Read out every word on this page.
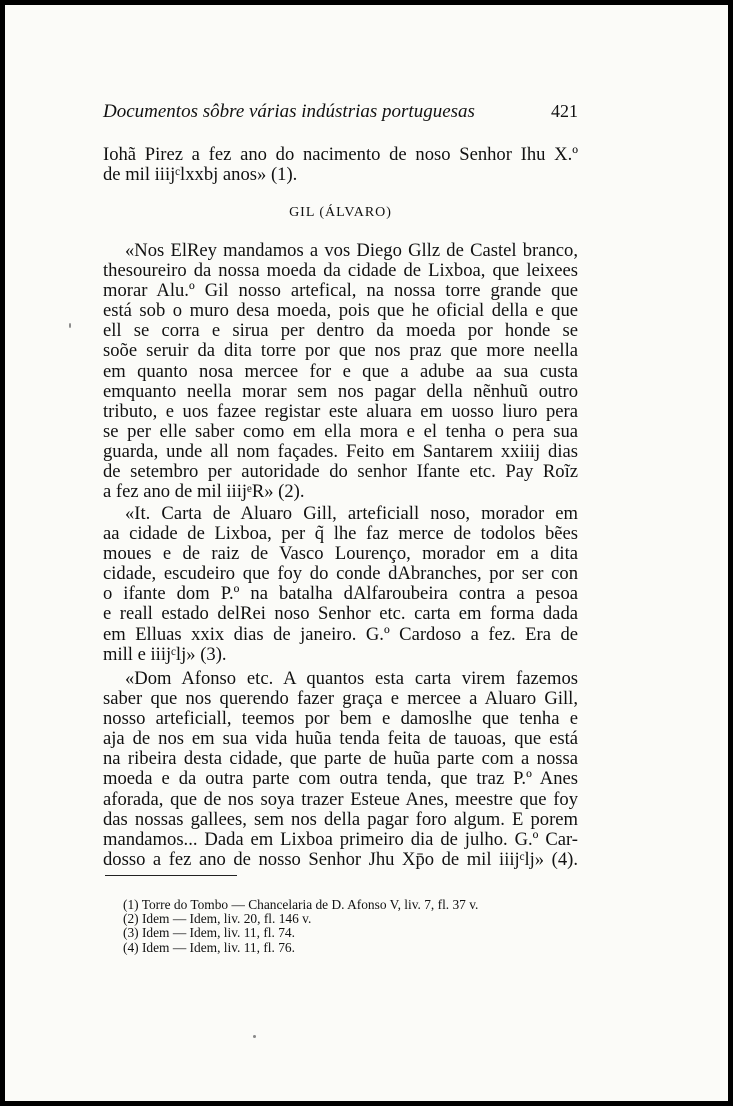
Documentos sôbre várias indústrias portuguesas	421
Iohã Pirez a fez ano do nacimento de noso Senhor Ihu X.º
de mil iiijᶜlxxbj anos» (1).
GIL (ÁLVARO)
«Nos ElRey mandamos a vos Diego Gllz de Castel branco,
thesoureiro da nossa moeda da cidade de Lixboa, que leixees
morar Alu.º Gil nosso artefical, na nossa torre grande que
está sob o muro desa moeda, pois que he oficial della e que
ell se corra e sirua per dentro da moeda por honde se
soõe seruir da dita torre por que nos praz que more neella
em quanto nosa mercee for e que a adube aa sua custa
emquanto neella morar sem nos pagar della nẽnhuũ outro
tributo, e uos fazee registar este aluara em uosso liuro pera
se per elle saber como em ella mora e el tenha o pera sua
guarda, unde all nom façades. Feito em Santarem xxiiij dias
de setembro per autoridade do senhor Ifante etc. Pay Roĩz
a fez ano de mil iiijᵉR» (2).
«It. Carta de Aluaro Gill, arteficiall noso, morador em
aa cidade de Lixboa, per q̃ lhe faz merce de todolos bẽes
moues e de raiz de Vasco Lourenço, morador em a dita
cidade, escudeiro que foy do conde dAbranches, por ser con
o ifante dom P.º na batalha dAlfaroubeira contra a pesoa
e reall estado delRei noso Senhor etc. carta em forma dada
em Elluas xxix dias de janeiro. G.º Cardoso a fez. Era de
mill e iiijᶜlj» (3).
«Dom Afonso etc. A quantos esta carta virem fazemos
saber que nos querendo fazer graça e mercee a Aluaro Gill,
nosso arteficiall, teemos por bem e damoslhe que tenha e
aja de nos em sua vida huũa tenda feita de tauoas, que está
na ribeira desta cidade, que parte de huũa parte com a nossa
moeda e da outra parte com outra tenda, que traz P.º Anes
aforada, que de nos soya trazer Esteue Anes, meestre que foy
das nossas gallees, sem nos della pagar foro algum. E porem
mandamos... Dada em Lixboa primeiro dia de julho. G.º Car-
dosso a fez ano de nosso Senhor Jhu Xp̄o de mil iiijᶜlj» (4).
(1) Torre do Tombo — Chancelaria de D. Afonso V, liv. 7, fl. 37 v.
(2) Idem — Idem, liv. 20, fl. 146 v.
(3) Idem — Idem, liv. 11, fl. 74.
(4) Idem — Idem, liv. 11, fl. 76.
